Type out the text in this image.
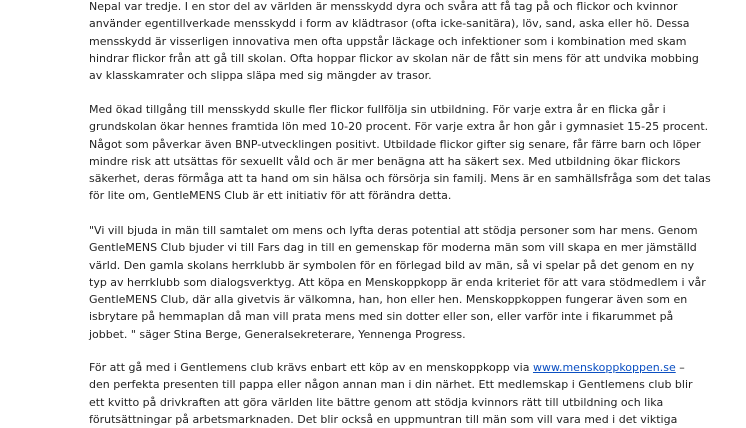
Nepal var tredje. I en stor del av världen är mensskydd dyra och svåra att få tag på och flickor och kvinnor
använder egentillverkade mensskydd i form av klädtrasor (ofta icke-sanitära), löv, sand, aska eller hö. Dessa
mensskydd är visserligen innovativa men ofta uppstår läckage och infektioner som i kombination med skam
hindrar flickor från att gå till skolan. Ofta hoppar flickor av skolan när de fått sin mens för att undvika mobbing
av klasskamrater och slippa släpa med sig mängder av trasor.

Med ökad tillgång till mensskydd skulle fler flickor fullfölja sin utbildning. För varje extra år en flicka går i
grundskolan ökar hennes framtida lön med 10-20 procent. För varje extra år hon går i gymnasiet 15-25 procent.
Något som påverkar även BNP-utvecklingen positivt. Utbildade flickor gifter sig senare, får färre barn och löper
mindre risk att utsättas för sexuellt våld och är mer benägna att ha säkert sex. Med utbildning ökar flickors
säkerhet, deras förmåga att ta hand om sin hälsa och försörja sin familj. Mens är en samhällsfråga som det talas
för lite om, GentleMENS Club är ett initiativ för att förändra detta.

"Vi vill bjuda in män till samtalet om mens och lyfta deras potential att stödja personer som har mens. Genom
GentleMENS Club bjuder vi till Fars dag in till en gemenskap för moderna män som vill skapa en mer jämställd
värld. Den gamla skolans herrklubb är symbolen för en förlegad bild av män, så vi spelar på det genom en ny
typ av herrklubb som dialogsverktyg. Att köpa en Menskoppkopp är enda kriteriet för att vara stödmedlem i vår
GentleMENS Club, där alla givetvis är välkomna, han, hon eller hen. Menskoppkoppen fungerar även som en
isbrytare på hemmaplan då man vill prata mens med sin dotter eller son, eller varför inte i fikarummet på
jobbet. " säger Stina Berge, Generalsekreterare, Yennenga Progress.

För att gå med i Gentlemens club krävs enbart ett köp av en menskoppkopp via www.menskoppkoppen.se –
den perfekta presenten till pappa eller någon annan man i din närhet. Ett medlemskap i Gentlemens club blir
ett kvitto på drivkraften att göra världen lite bättre genom att stödja kvinnors rätt till utbildning och lika
förutsättningar på arbetsmarknaden. Det blir också en uppmuntran till män som vill vara med i det viktiga
